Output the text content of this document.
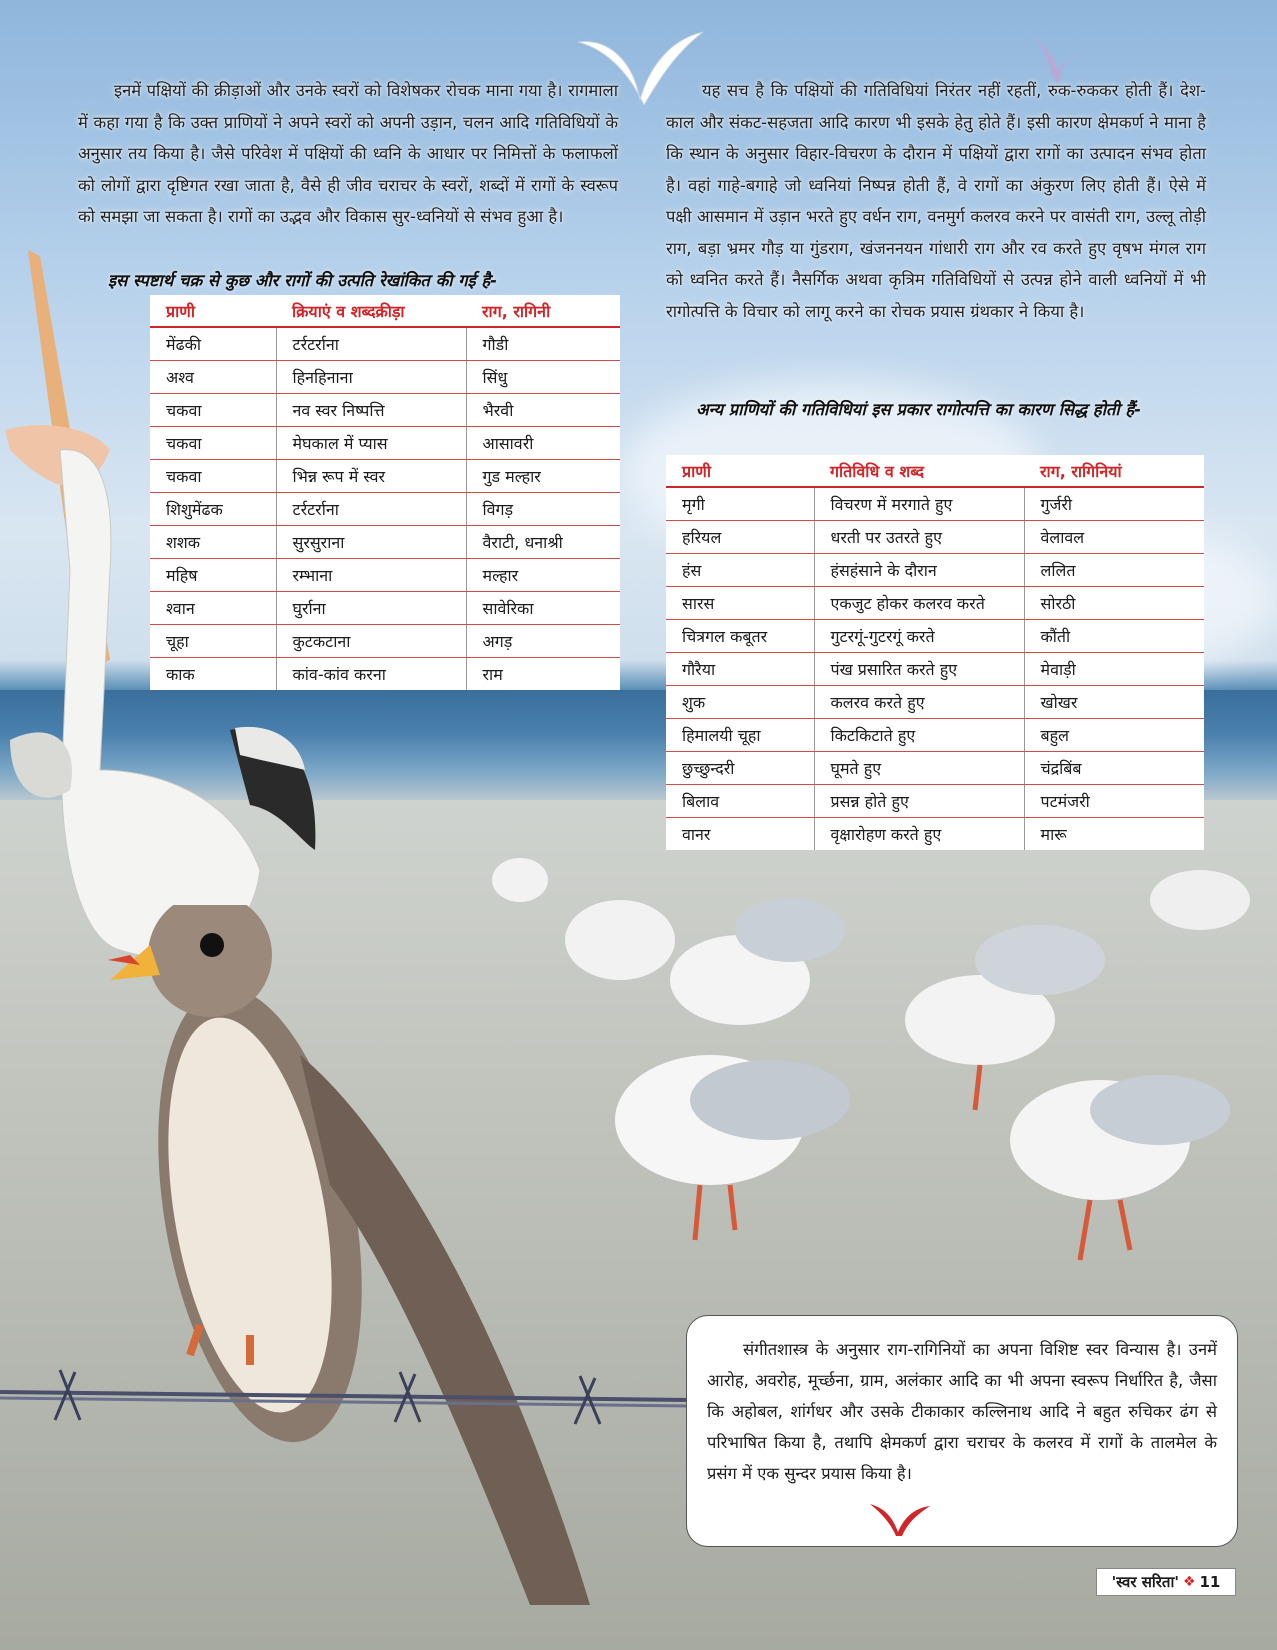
इनमें पक्षियों की क्रीड़ाओं और उनके स्वरों को विशेषकर रोचक माना गया है। रागमाला में कहा गया है कि उक्त प्राणियों ने अपने स्वरों को अपनी उड़ान, चलन आदि गतिविधियों के अनुसार तय किया है। जैसे परिवेश में पक्षियों की ध्वनि के आधार पर निमित्तों के फलाफलों को लोगों द्वारा दृष्टिगत रखा जाता है, वैसे ही जीव चराचर के स्वरों, शब्दों में रागों के स्वरूप को समझा जा सकता है। रागों का उद्भव और विकास सुर-ध्वनियों से संभव हुआ है।

इस स्पष्टार्थ चक्र से कुछ और रागों की उत्पति रेखांकित की गई है-
प्राणी	क्रियाएं व शब्दक्रीड़ा	राग, रागिनी
मेंढकी	टर्रटर्राना	गौडी
अश्व	हिनहिनाना	सिंधु
चकवा	नव स्वर निष्पत्ति	भैरवी
चकवा	मेघकाल में प्यास	आसावरी
चकवा	भिन्न रूप में स्वर	गुड मल्हार
शिशुमेंढक	टर्रटर्राना	विगड़
शशक	सुरसुराना	वैराटी, धनाश्री
महिष	रम्भाना	मल्हार
श्वान	घुर्राना	सावेरिका
चूहा	कुटकटाना	अगड़
काक	कांव-कांव करना	राम

यह सच है कि पक्षियों की गतिविधियां निरंतर नहीं रहतीं, रुक-रुककर होती हैं। देश-काल और संकट-सहजता आदि कारण भी इसके हेतु होते हैं। इसी कारण क्षेमकर्ण ने माना है कि स्थान के अनुसार विहार-विचरण के दौरान में पक्षियों द्वारा रागों का उत्पादन संभव होता है। वहां गाहे-बगाहे जो ध्वनियां निष्पन्न होती हैं, वे रागों का अंकुरण लिए होती हैं। ऐसे में पक्षी आसमान में उड़ान भरते हुए वर्धन राग, वनमुर्ग कलरव करने पर वासंती राग, उल्लू तोड़ी राग, बड़ा भ्रमर गौड़ या गुंडराग, खंजननयन गांधारी राग और रव करते हुए वृषभ मंगल राग को ध्वनित करते हैं। नैसर्गिक अथवा कृत्रिम गतिविधियों से उत्पन्न होने वाली ध्वनियों में भी रागोत्पत्ति के विचार को लागू करने का रोचक प्रयास ग्रंथकार ने किया है।

अन्य प्राणियों की गतिविधियां इस प्रकार रागोत्पत्ति का कारण सिद्ध होती हैं-
प्राणी	गतिविधि व शब्द	राग, रागिनियां
मृगी	विचरण में मरगाते हुए	गुर्जरी
हरियल	धरती पर उतरते हुए	वेलावल
हंस	हंसहंसाने के दौरान	ललित
सारस	एकजुट होकर कलरव करते	सोरठी
चित्रगल कबूतर	गुटरगूं-गुटरगूं करते	कौंती
गौरैया	पंख प्रसारित करते हुए	मेवाड़ी
शुक	कलरव करते हुए	खोखर
हिमालयी चूहा	किटकिटाते हुए	बहुल
छुच्छुन्दरी	घूमते हुए	चंद्रबिंब
बिलाव	प्रसन्न होते हुए	पटमंजरी
वानर	वृक्षारोहण करते हुए	मारू

संगीतशास्त्र के अनुसार राग-रागिनियों का अपना विशिष्ट स्वर विन्यास है। उनमें आरोह, अवरोह, मूर्च्छना, ग्राम, अलंकार आदि का भी अपना स्वरूप निर्धारित है, जैसा कि अहोबल, शांर्गधर और उसके टीकाकार कल्लिनाथ आदि ने बहुत रुचिकर ढंग से परिभाषित किया है, तथापि क्षेमकर्ण द्वारा चराचर के कलरव में रागों के तालमेल के प्रसंग में एक सुन्दर प्रयास किया है।

'स्वर सरिता' ❖ 11
